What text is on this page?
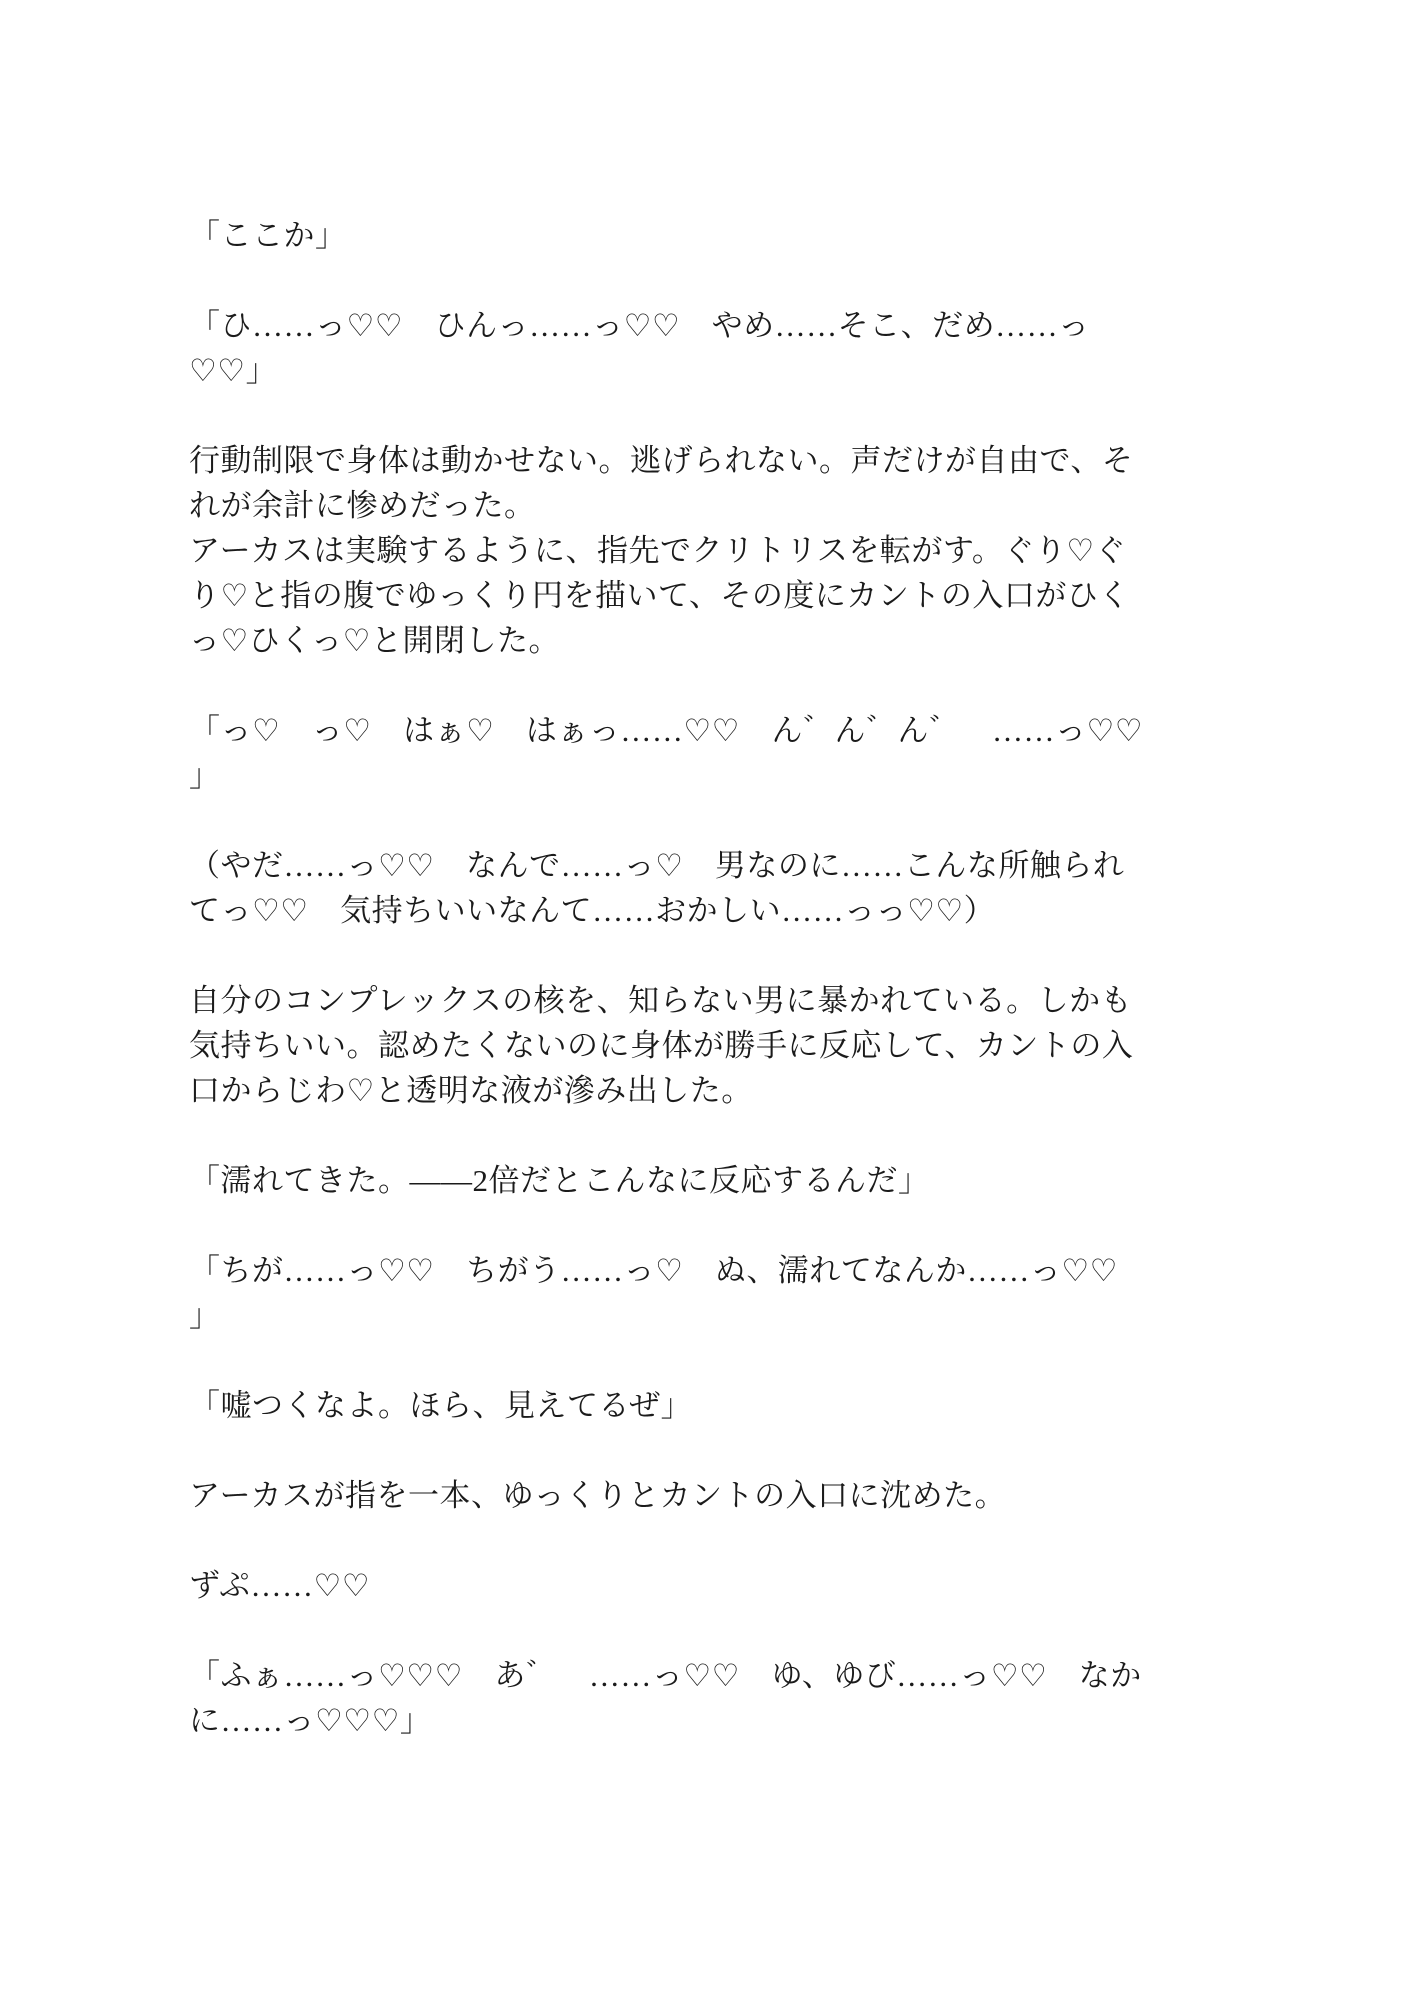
「ここか」
「ひ……っ♡♡　ひんっ……っ♡♡　やめ……そこ、だめ……っ
♡♡」
行動制限で身体は動かせない。逃げられない。声だけが自由で、そ
れが余計に惨めだった。
アーカスは実験するように、指先でクリトリスを転がす。ぐり♡ぐ
り♡と指の腹でゆっくり円を描いて、その度にカントの入口がひく
っ♡ひくっ♡と開閉した。
「っ♡　っ♡　はぁ♡　はぁっ……♡♡　ん゛ん゛ん゛　……っ♡♡
」
（やだ……っ♡♡　なんで……っ♡　男なのに……こんな所触られ
てっ♡♡　気持ちいいなんて……おかしい……っっ♡♡）
自分のコンプレックスの核を、知らない男に暴かれている。しかも
気持ちいい。認めたくないのに身体が勝手に反応して、カントの入
口からじわ♡と透明な液が滲み出した。
「濡れてきた。——2倍だとこんなに反応するんだ」
「ちが……っ♡♡　ちがう……っ♡　ぬ、濡れてなんか……っ♡♡
」
「嘘つくなよ。ほら、見えてるぜ」
アーカスが指を一本、ゆっくりとカントの入口に沈めた。
ずぷ……♡♡
「ふぁ……っ♡♡♡　あ゛　……っ♡♡　ゆ、ゆび……っ♡♡　なか
に……っ♡♡♡」
